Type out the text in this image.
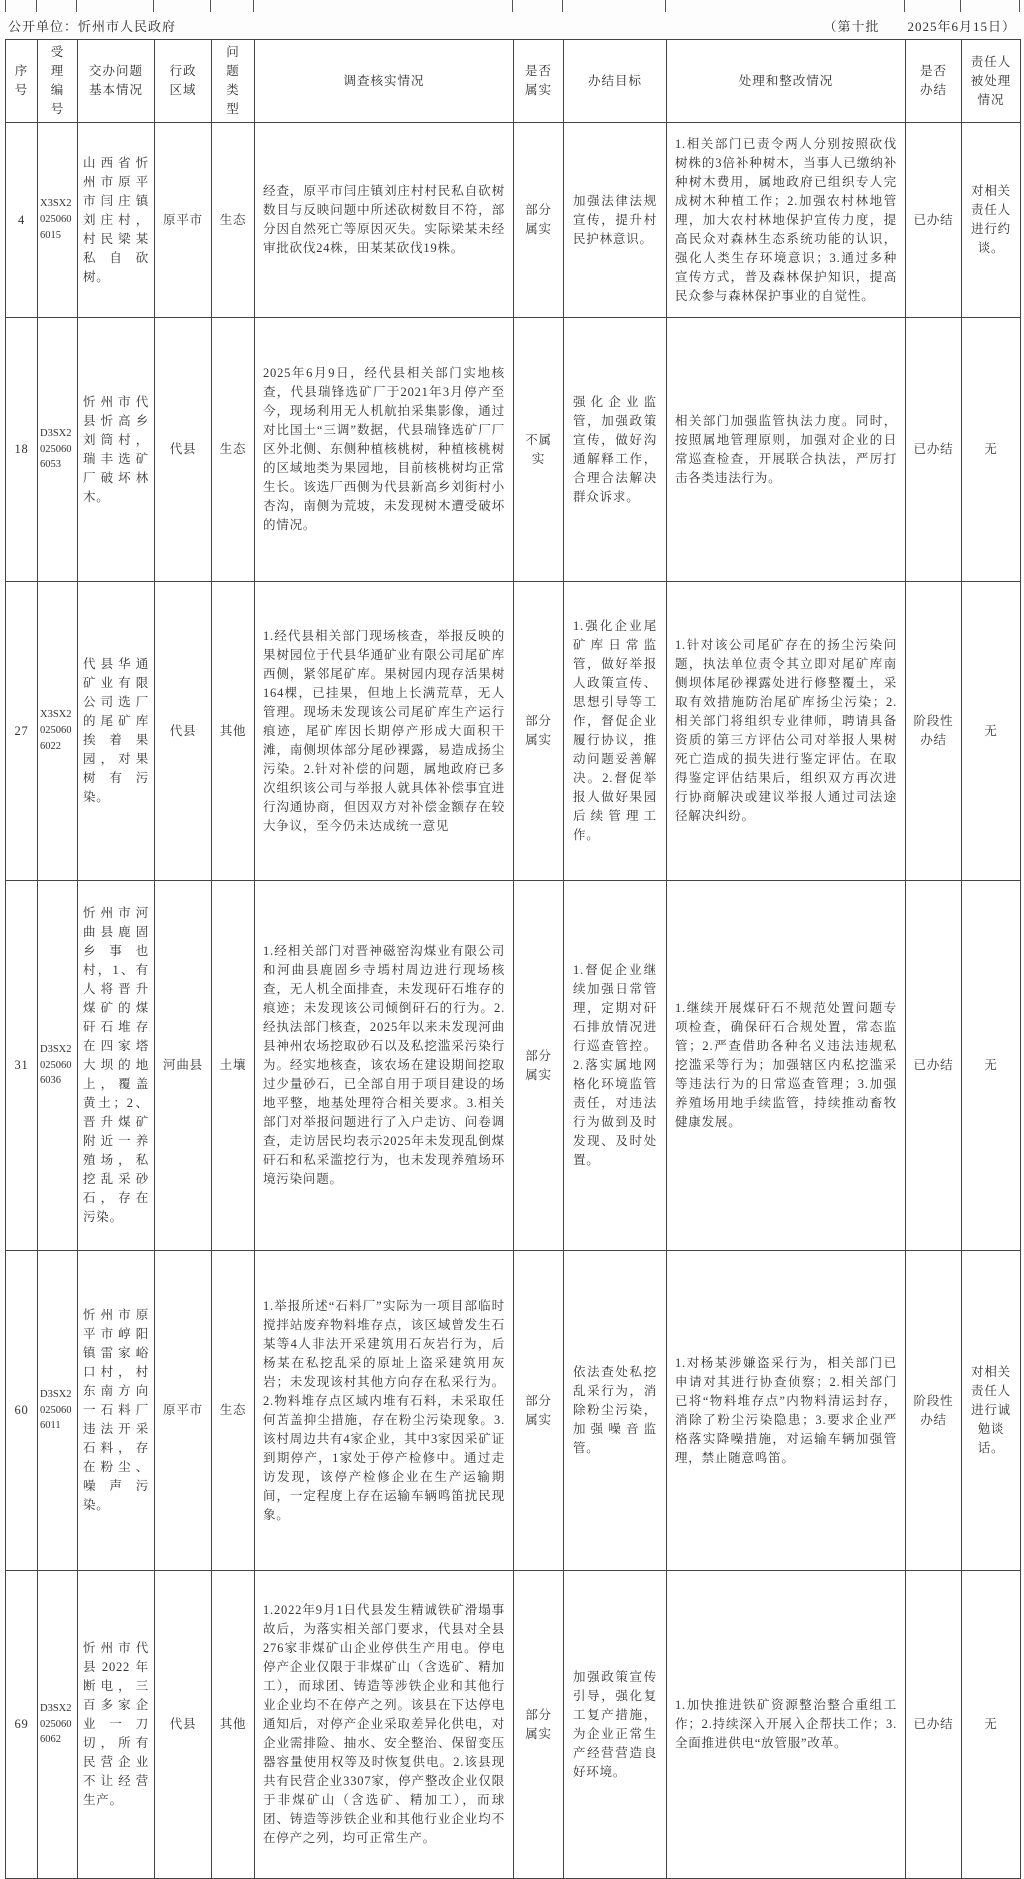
公开单位：忻州市人民政府	（第十批　　2025年6月15日）
序号	受理编号	交办问题基本情况	行政区域	问题类型	调查核实情况	是否属实	办结目标	处理和整改情况	是否办结	责任人被处理情况
4	X3SX20250606015	山西省忻州市原平市闫庄镇刘庄村，村民梁某私自砍树。	原平市	生态	经查，原平市闫庄镇刘庄村村民私自砍树数目与反映问题中所述砍树数目不符，部分因自然死亡等原因灭失。实际梁某未经审批砍伐24株，田某某砍伐19株。	部分属实	加强法律法规宣传，提升村民护林意识。	1.相关部门已责令两人分别按照砍伐树株的3倍补种树木，当事人已缴纳补种树木费用，属地政府已组织专人完成树木种植工作；2.加强农村林地管理，加大农村林地保护宣传力度，提高民众对森林生态系统功能的认识，强化人类生存环境意识；3.通过多种宣传方式，普及森林保护知识，提高民众参与森林保护事业的自觉性。	已办结	对相关责任人进行约谈。
18	D3SX20250606053	忻州市代县忻高乡刘筒村，瑞丰选矿厂破坏林木。	代县	生态	2025年6月9日，经代县相关部门实地核查，代县瑞锋选矿厂于2021年3月停产至今，现场利用无人机航拍采集影像，通过对比国土“三调”数据，代县瑞锋选矿厂厂区外北侧、东侧种植核桃树，种植核桃树的区域地类为果园地，目前核桃树均正常生长。该选厂西侧为代县新高乡刘街村小杏沟，南侧为荒坡，未发现树木遭受破坏的情况。	不属实	强化企业监管，加强政策宣传，做好沟通解释工作，合理合法解决群众诉求。	相关部门加强监管执法力度。同时，按照属地管理原则，加强对企业的日常巡查检查，开展联合执法，严厉打击各类违法行为。	已办结	无
27	X3SX20250606022	代县华通矿业有限公司选厂的尾矿库挨着果园，对果树有污染。	代县	其他	1.经代县相关部门现场核查，举报反映的果树园位于代县华通矿业有限公司尾矿库西侧，紧邻尾矿库。果树园内现存活果树164棵，已挂果，但地上长满荒草，无人管理。现场未发现该公司尾矿库生产运行痕迹，尾矿库因长期停产形成大面积干滩，南侧坝体部分尾砂裸露，易造成扬尘污染。2.针对补偿的问题，属地政府已多次组织该公司与举报人就具体补偿事宜进行沟通协商，但因双方对补偿金额存在较大争议，至今仍未达成统一意见	部分属实	1.强化企业尾矿库日常监管，做好举报人政策宣传、思想引导等工作，督促企业履行协议，推动问题妥善解决。2.督促举报人做好果园后续管理工作。	1.针对该公司尾矿存在的扬尘污染问题，执法单位责令其立即对尾矿库南侧坝体尾砂裸露处进行修整覆土，采取有效措施防治尾矿库扬尘污染；2.相关部门将组织专业律师，聘请具备资质的第三方评估公司对举报人果树死亡造成的损失进行鉴定评估。在取得鉴定评估结果后，组织双方再次进行协商解决或建议举报人通过司法途径解决纠纷。	阶段性办结	无
31	D3SX20250606036	忻州市河曲县鹿固乡事也村，1、有人将晋升煤矿的煤矸石堆存在四家塔大坝的地上，覆盖黄土；2、晋升煤矿附近一养殖场，私挖乱采砂石，存在污染。	河曲县	土壤	1.经相关部门对晋神磁窑沟煤业有限公司和河曲县鹿固乡寺墕村周边进行现场核查，无人机全面排查，未发现矸石堆存的痕迹；未发现该公司倾倒矸石的行为。2.经执法部门核查，2025年以来未发现河曲县神州农场挖取砂石以及私挖滥采污染行为。经实地核查，该农场在建设期间挖取过少量砂石，已全部自用于项目建设的场地平整，地基处理符合相关要求。3.相关部门对举报问题进行了入户走访、问卷调查，走访居民均表示2025年未发现乱倒煤矸石和私采滥挖行为，也未发现养殖场环境污染问题。	部分属实	1.督促企业继续加强日常管理，定期对矸石排放情况进行巡查管控。2.落实属地网格化环境监管责任，对违法行为做到及时发现、及时处置。	1.继续开展煤矸石不规范处置问题专项检查，确保矸石合规处置，常态监管；2.严查借助各种名义违法违规私挖滥采等行为；加强辖区内私挖滥采等违法行为的日常巡查管理；3.加强养殖场用地手续监管，持续推动畜牧健康发展。	已办结	无
60	D3SX20250606011	忻州市原平市崞阳镇雷家峪口村，村东南方向一石料厂违法开采石料，存在粉尘、噪声污染。	原平市	生态	1.举报所述“石料厂”实际为一项目部临时搅拌站废弃物料堆存点，该区域曾发生石某等4人非法开采建筑用石灰岩行为，后杨某在私挖乱采的原址上盗采建筑用灰岩；未发现该村其他方向存在私采行为。2.物料堆存点区域内堆有石料，未采取任何苫盖抑尘措施，存在粉尘污染现象。3.该村周边共有4家企业，其中3家因采矿证到期停产，1家处于停产检修中。通过走访发现，该停产检修企业在生产运输期间，一定程度上存在运输车辆鸣笛扰民现象。	部分属实	依法查处私挖乱采行为，消除粉尘污染，加强噪音监管。	1.对杨某涉嫌盗采行为，相关部门已申请对其进行协查侦察；2.相关部门已将“物料堆存点”内物料清运封存，消除了粉尘污染隐患；3.要求企业严格落实降噪措施，对运输车辆加强管理，禁止随意鸣笛。	阶段性办结	对相关责任人进行诚勉谈话。
69	D3SX20250606062	忻州市代县2022年断电，三百多家企业一刀切，所有民营企业不让经营生产。	代县	其他	1.2022年9月1日代县发生精诚铁矿滑塌事故后，为落实相关部门要求，代县对全县276家非煤矿山企业停供生产用电。停电停产企业仅限于非煤矿山（含选矿、精加工），而球团、铸造等涉铁企业和其他行业企业均不在停产之列。该县在下达停电通知后，对停产企业采取差异化供电，对企业需排险、抽水、安全整治、保留变压器容量使用权等及时恢复供电。2.该县现共有民营企业3307家，停产整改企业仅限于非煤矿山（含选矿、精加工），而球团、铸造等涉铁企业和其他行业企业均不在停产之列，均可正常生产。	部分属实	加强政策宣传引导，强化复工复产措施，为企业正常生产经营营造良好环境。	1.加快推进铁矿资源整治整合重组工作；2.持续深入开展入企帮扶工作；3.全面推进供电“放管服”改革。	已办结	无
